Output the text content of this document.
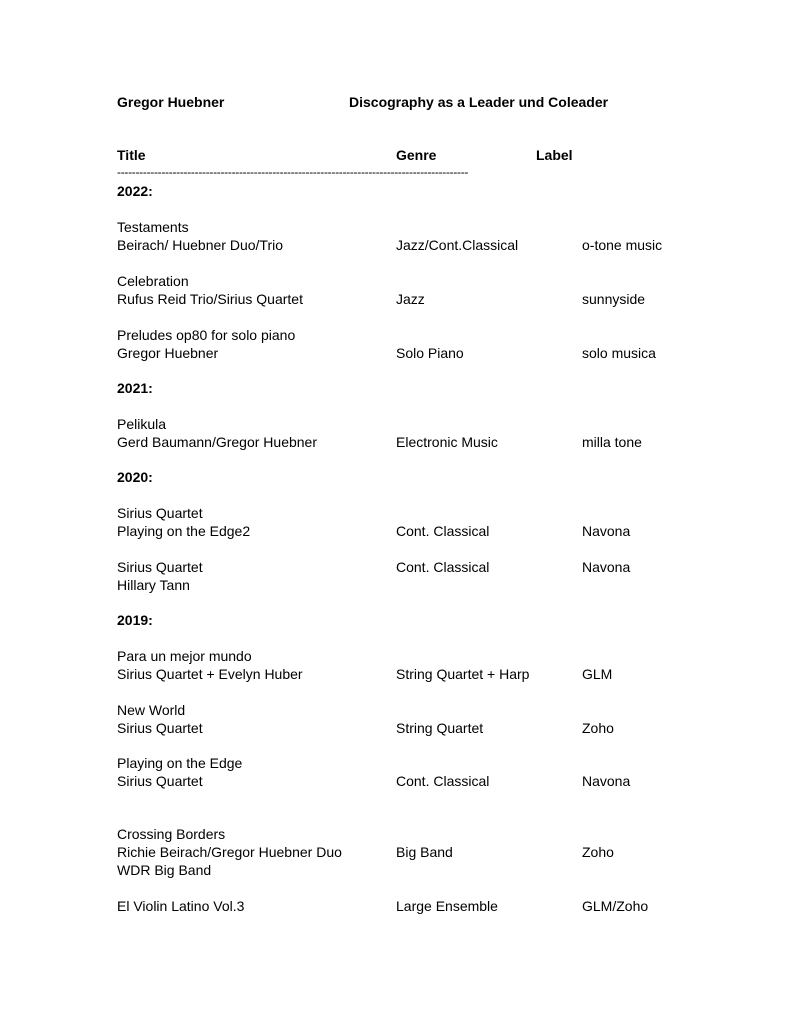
Gregor Huebner	Discography as a Leader und Coleader
Title	Genre	Label
-----------------------------------------------------------------------------------------------
2022:
Testaments
Beirach/ Huebner Duo/Trio	Jazz/Cont.Classical	o-tone music
Celebration
Rufus Reid Trio/Sirius Quartet	Jazz	sunnyside
Preludes op80 for solo piano
Gregor Huebner	Solo Piano	solo musica
2021:
Pelikula
Gerd Baumann/Gregor Huebner	Electronic Music	milla tone
2020:
Sirius Quartet
Playing on the Edge2	Cont. Classical	Navona
Sirius Quartet	Cont. Classical	Navona
Hillary Tann
2019:
Para un mejor mundo
Sirius Quartet + Evelyn Huber	String Quartet + Harp	GLM
New World
Sirius Quartet	String Quartet	Zoho
Playing on the Edge
Sirius Quartet	Cont. Classical	Navona
Crossing Borders
Richie Beirach/Gregor Huebner Duo	Big Band	Zoho
WDR Big Band
El Violin Latino Vol.3	Large Ensemble	GLM/Zoho
